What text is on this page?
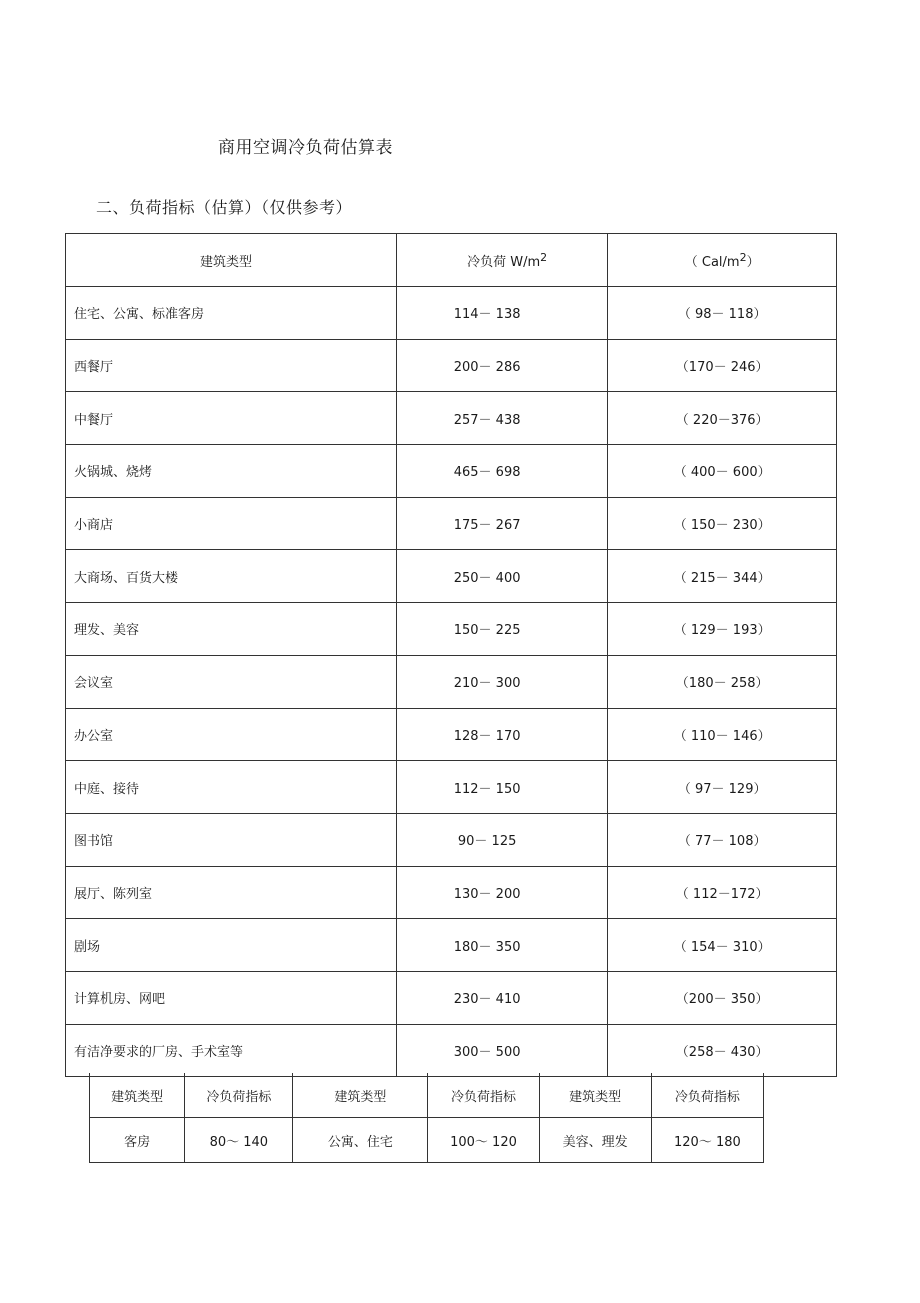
商用空调冷负荷估算表
二、负荷指标（估算）（仅供参考）
建筑类型	冷负荷 $W/m^2$	（ Cal/$m^2$）
住宅、公寓、标准客房	114－ 138	（ 98－ 118）
西餐厅	200－ 286	（170－ 246）
中餐厅	257－ 438	（ 220－376）
火锅城、烧烤	465－ 698	（ 400－ 600）
小商店	175－ 267	（ 150－ 230）
大商场、百货大楼	250－ 400	（ 215－ 344）
理发、美容	150－ 225	（ 129－ 193）
会议室	210－ 300	（180－ 258）
办公室	128－ 170	（ 110－ 146）
中庭、接待	112－ 150	（ 97－ 129）
图书馆	90－ 125	（ 77－ 108）
展厅、陈列室	130－ 200	（ 112－172）
剧场	180－ 350	（ 154－ 310）
计算机房、网吧	230－ 410	（200－ 350）
有洁净要求的厂房、手术室等	300－ 500	（258－ 430）
建筑类型	冷负荷指标	建筑类型	冷负荷指标	建筑类型	冷负荷指标
客房	80～ 140	公寓、住宅	100～ 120	美容、理发	120～ 180
